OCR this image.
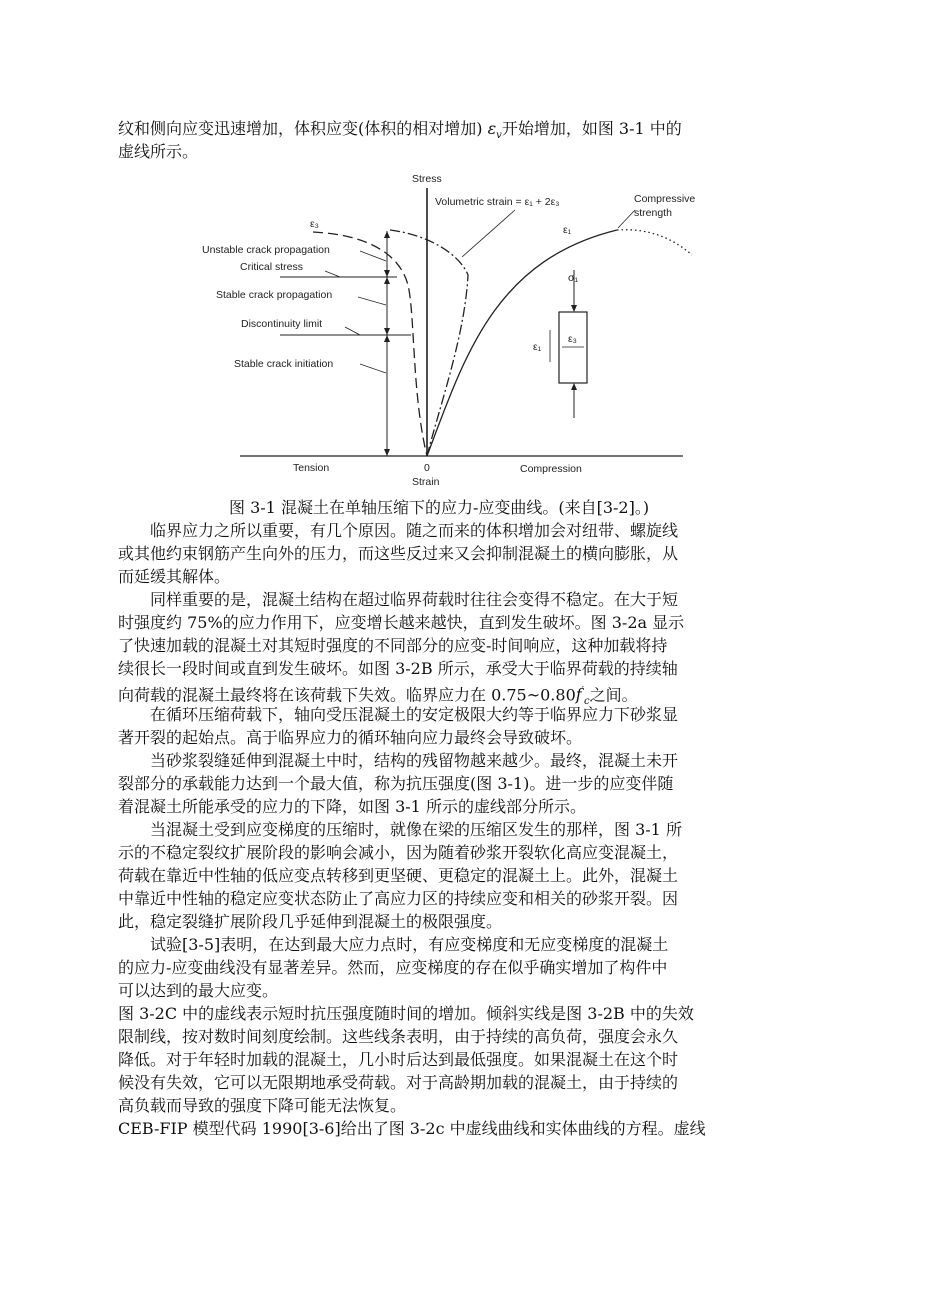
纹和侧向应变迅速增加，体积应变(体积的相对增加) $\varepsilon_v$开始增加，如图 3-1 中的
虚线所示。
Stress
Volumetric strain = ε₁ + 2ε₃	Compressive
strength
ε₁
ε₃
σ₁
ε₃
ε₁
Unstable crack propagation
Critical stress
Stable crack propagation
Discontinuity limit
Stable crack initiation
Tension	0	Compression
Strain
图 3-1 混凝土在单轴压缩下的应力-应变曲线。(来自[3-2]。)
临界应力之所以重要，有几个原因。随之而来的体积增加会对纽带、螺旋线
或其他约束钢筋产生向外的压力，而这些反过来又会抑制混凝土的横向膨胀，从
而延缓其解体。
同样重要的是，混凝土结构在超过临界荷载时往往会变得不稳定。在大于短
时强度约 75%的应力作用下，应变增长越来越快，直到发生破坏。图 3-2a 显示
了快速加载的混凝土对其短时强度的不同部分的应变-时间响应，这种加载将持
续很长一段时间或直到发生破坏。如图 3-2B 所示，承受大于临界荷载的持续轴
向荷载的混凝土最终将在该荷载下失效。临界应力在 $0.75\sim 0.80f'_c$之间。
在循环压缩荷载下，轴向受压混凝土的安定极限大约等于临界应力下砂浆显
著开裂的起始点。高于临界应力的循环轴向应力最终会导致破坏。
当砂浆裂缝延伸到混凝土中时，结构的残留物越来越少。最终，混凝土未开
裂部分的承载能力达到一个最大值，称为抗压强度(图 3-1)。进一步的应变伴随
着混凝土所能承受的应力的下降，如图 3-1 所示的虚线部分所示。
当混凝土受到应变梯度的压缩时，就像在梁的压缩区发生的那样，图 3-1 所
示的不稳定裂纹扩展阶段的影响会减小，因为随着砂浆开裂软化高应变混凝土，
荷载在靠近中性轴的低应变点转移到更坚硬、更稳定的混凝土上。此外，混凝土
中靠近中性轴的稳定应变状态防止了高应力区的持续应变和相关的砂浆开裂。因
此，稳定裂缝扩展阶段几乎延伸到混凝土的极限强度。
试验[3-5]表明，在达到最大应力点时，有应变梯度和无应变梯度的混凝土
的应力-应变曲线没有显著差异。然而，应变梯度的存在似乎确实增加了构件中
可以达到的最大应变。
图 3-2C 中的虚线表示短时抗压强度随时间的增加。倾斜实线是图 3-2B 中的失效
限制线，按对数时间刻度绘制。这些线条表明，由于持续的高负荷，强度会永久
降低。对于年轻时加载的混凝土，几小时后达到最低强度。如果混凝土在这个时
候没有失效，它可以无限期地承受荷载。对于高龄期加载的混凝土，由于持续的
高负载而导致的强度下降可能无法恢复。
CEB-FIP 模型代码 1990[3-6]给出了图 3-2c 中虚线曲线和实体曲线的方程。虚线
